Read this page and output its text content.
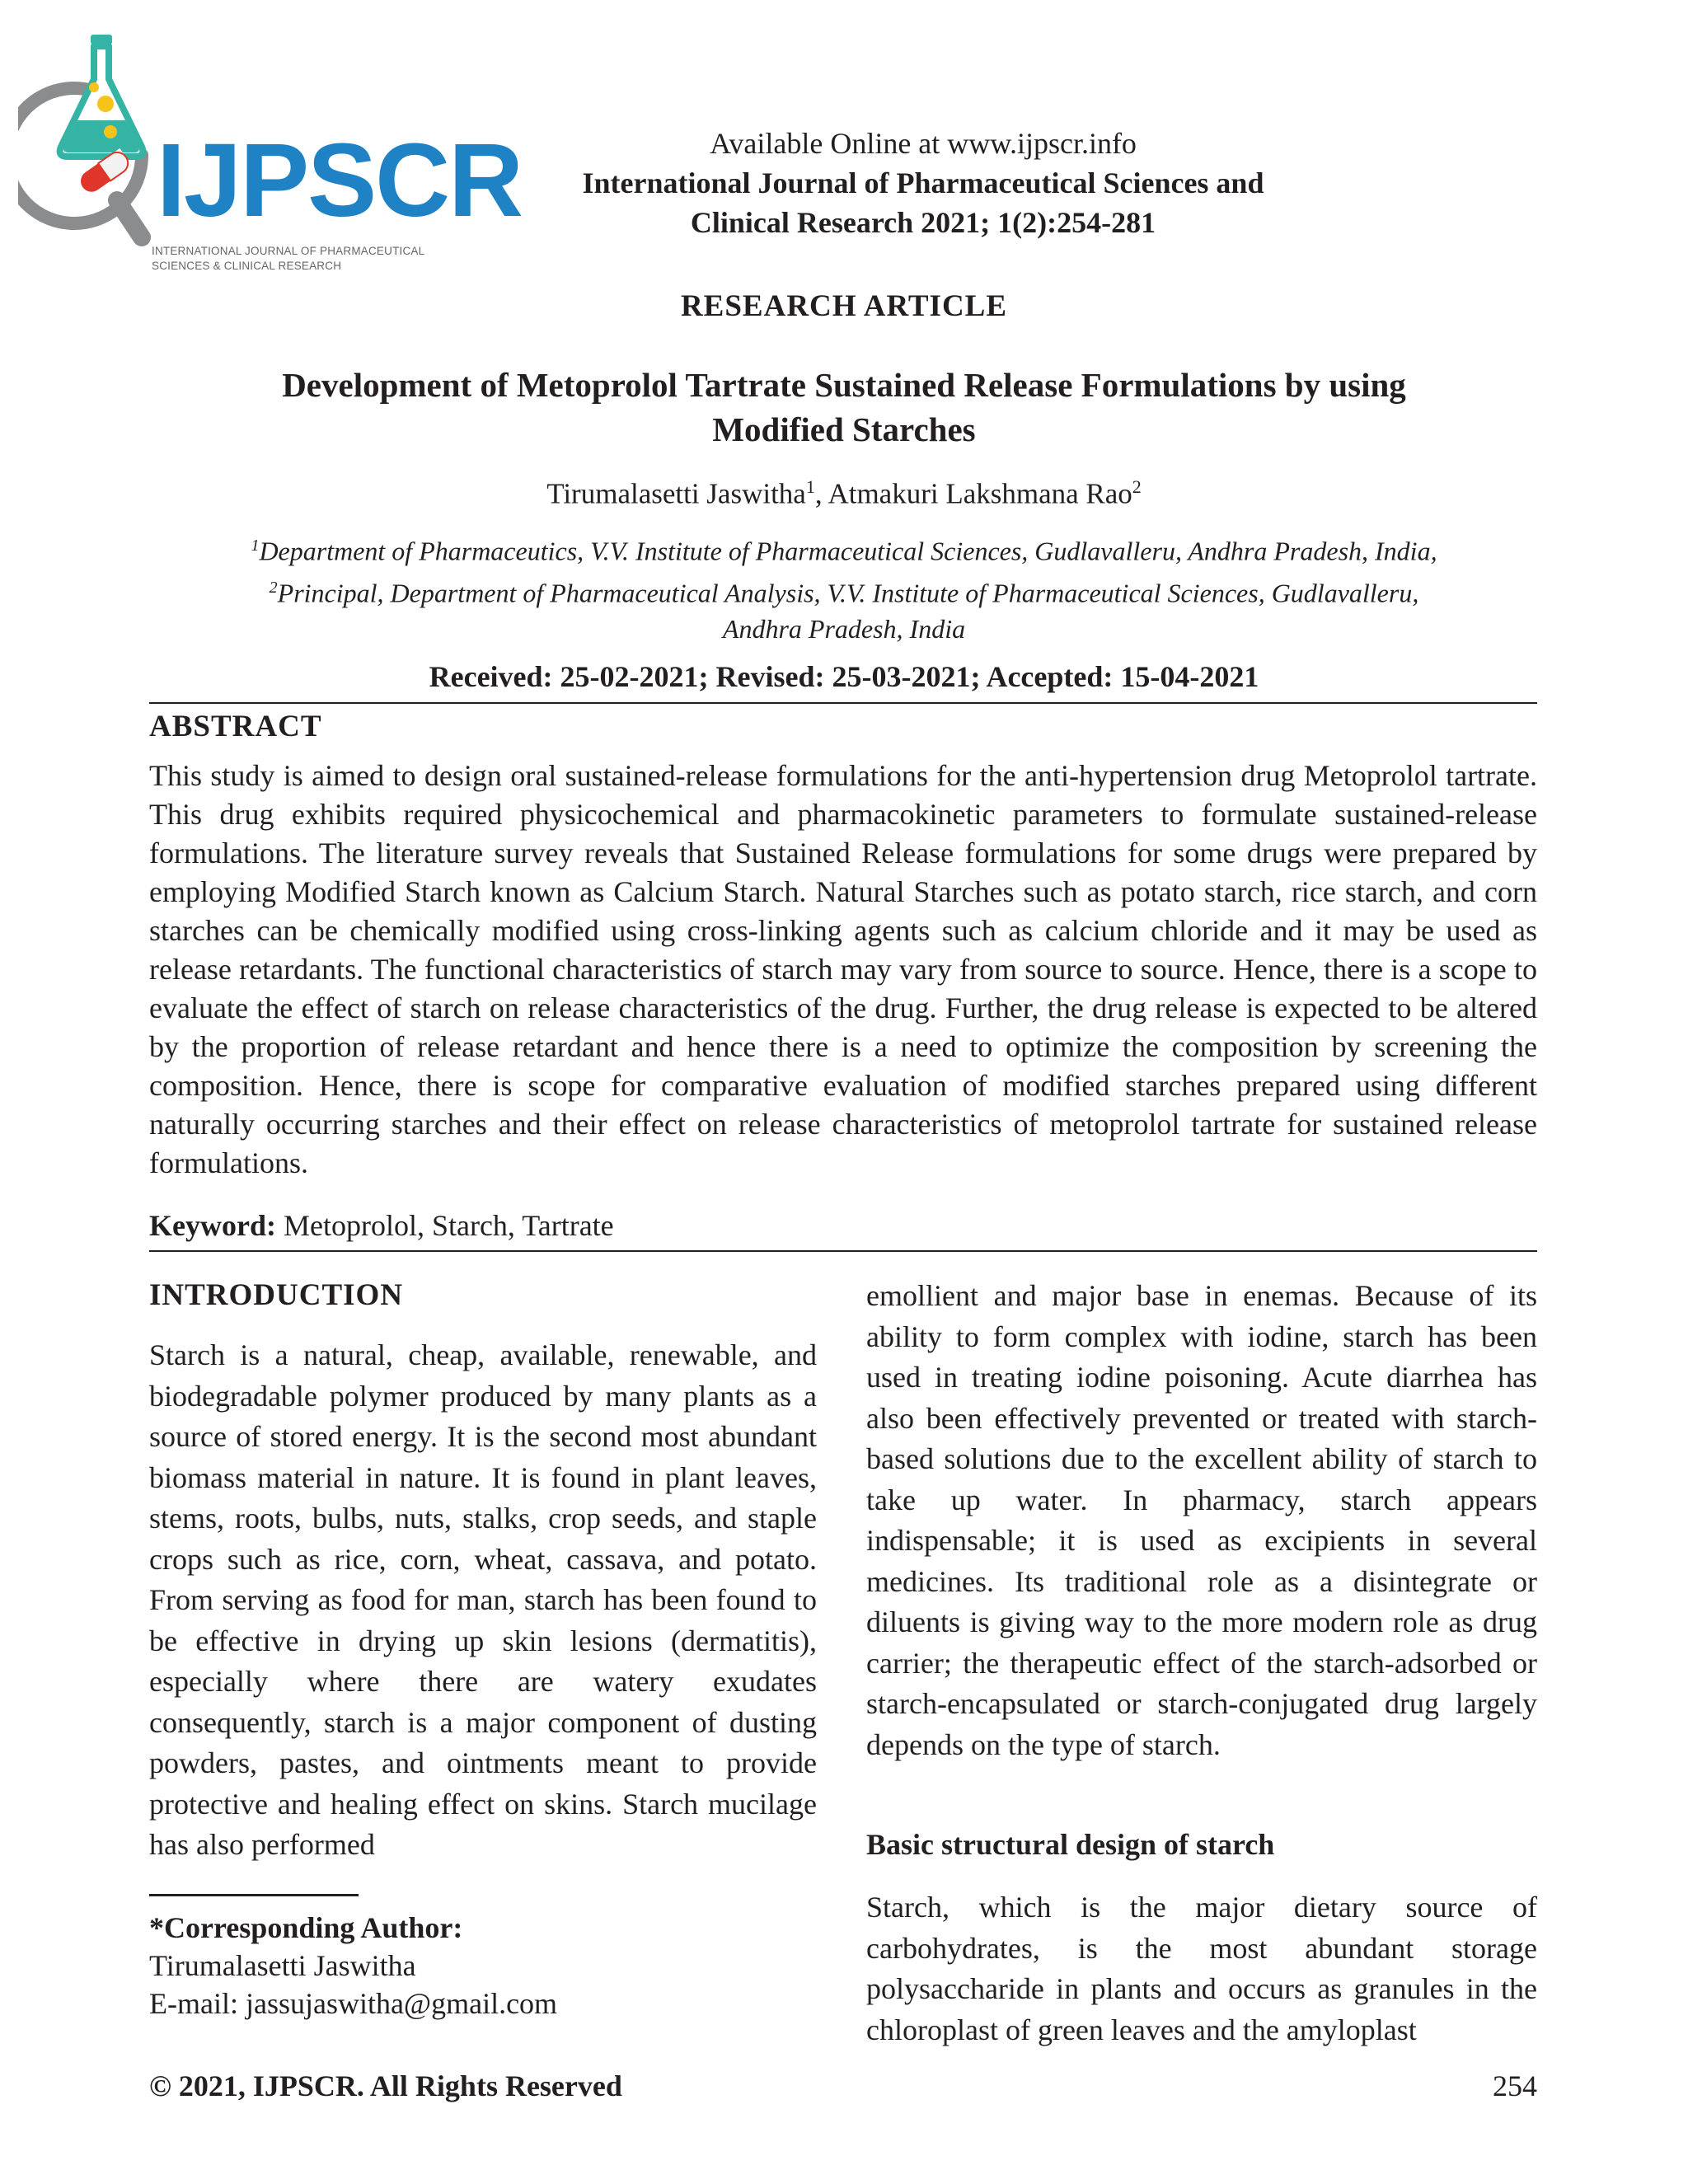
IJPSCR
INTERNATIONAL JOURNAL OF PHARMACEUTICAL
SCIENCES & CLINICAL RESEARCH
Available Online at www.ijpscr.info
International Journal of Pharmaceutical Sciences and
Clinical Research 2021; 1(2):254-281
RESEARCH ARTICLE
Development of Metoprolol Tartrate Sustained Release Formulations by using
Modified Starches
Tirumalasetti Jaswitha$^1$, Atmakuri Lakshmana Rao$^2$
$^1$Department of Pharmaceutics, V.V. Institute of Pharmaceutical Sciences, Gudlavalleru, Andhra Pradesh, India,
$^2$Principal, Department of Pharmaceutical Analysis, V.V. Institute of Pharmaceutical Sciences, Gudlavalleru,
Andhra Pradesh, India
Received: 25-02-2021; Revised: 25-03-2021; Accepted: 15-04-2021
ABSTRACT
This study is aimed to design oral sustained-release formulations for the anti-hypertension drug Metoprolol tartrate. This drug exhibits required physicochemical and pharmacokinetic parameters to formulate sustained-release formulations. The literature survey reveals that Sustained Release formulations for some drugs were prepared by employing Modified Starch known as Calcium Starch. Natural Starches such as potato starch, rice starch, and corn starches can be chemically modified using cross-linking agents such as calcium chloride and it may be used as release retardants. The functional characteristics of starch may vary from source to source. Hence, there is a scope to evaluate the effect of starch on release characteristics of the drug. Further, the drug release is expected to be altered by the proportion of release retardant and hence there is a need to optimize the composition by screening the composition. Hence, there is scope for comparative evaluation of modified starches prepared using different naturally occurring starches and their effect on release characteristics of metoprolol tartrate for sustained release formulations.
Keyword: Metoprolol, Starch, Tartrate
INTRODUCTION

Starch is a natural, cheap, available, renewable, and biodegradable polymer produced by many plants as a source of stored energy. It is the second most abundant biomass material in nature. It is found in plant leaves, stems, roots, bulbs, nuts, stalks, crop seeds, and staple crops such as rice, corn, wheat, cassava, and potato. From serving as food for man, starch has been found to be effective in drying up skin lesions (dermatitis), especially where there are watery exudates consequently, starch is a major component of dusting powders, pastes, and ointments meant to provide protective and healing effect on skins. Starch mucilage has also performed

emollient and major base in enemas. Because of its ability to form complex with iodine, starch has been used in treating iodine poisoning. Acute diarrhea has also been effectively prevented or treated with starch-based solutions due to the excellent ability of starch to take up water. In pharmacy, starch appears indispensable; it is used as excipients in several medicines. Its traditional role as a disintegrate or diluents is giving way to the more modern role as drug carrier; the therapeutic effect of the starch-adsorbed or starch-encapsulated or starch-conjugated drug largely depends on the type of starch.

Basic structural design of starch

Starch, which is the major dietary source of carbohydrates, is the most abundant storage polysaccharide in plants and occurs as granules in the chloroplast of green leaves and the amyloplast

*Corresponding Author:
Tirumalasetti Jaswitha
E-mail: jassujaswitha@gmail.com
© 2021, IJPSCR. All Rights Reserved	254
